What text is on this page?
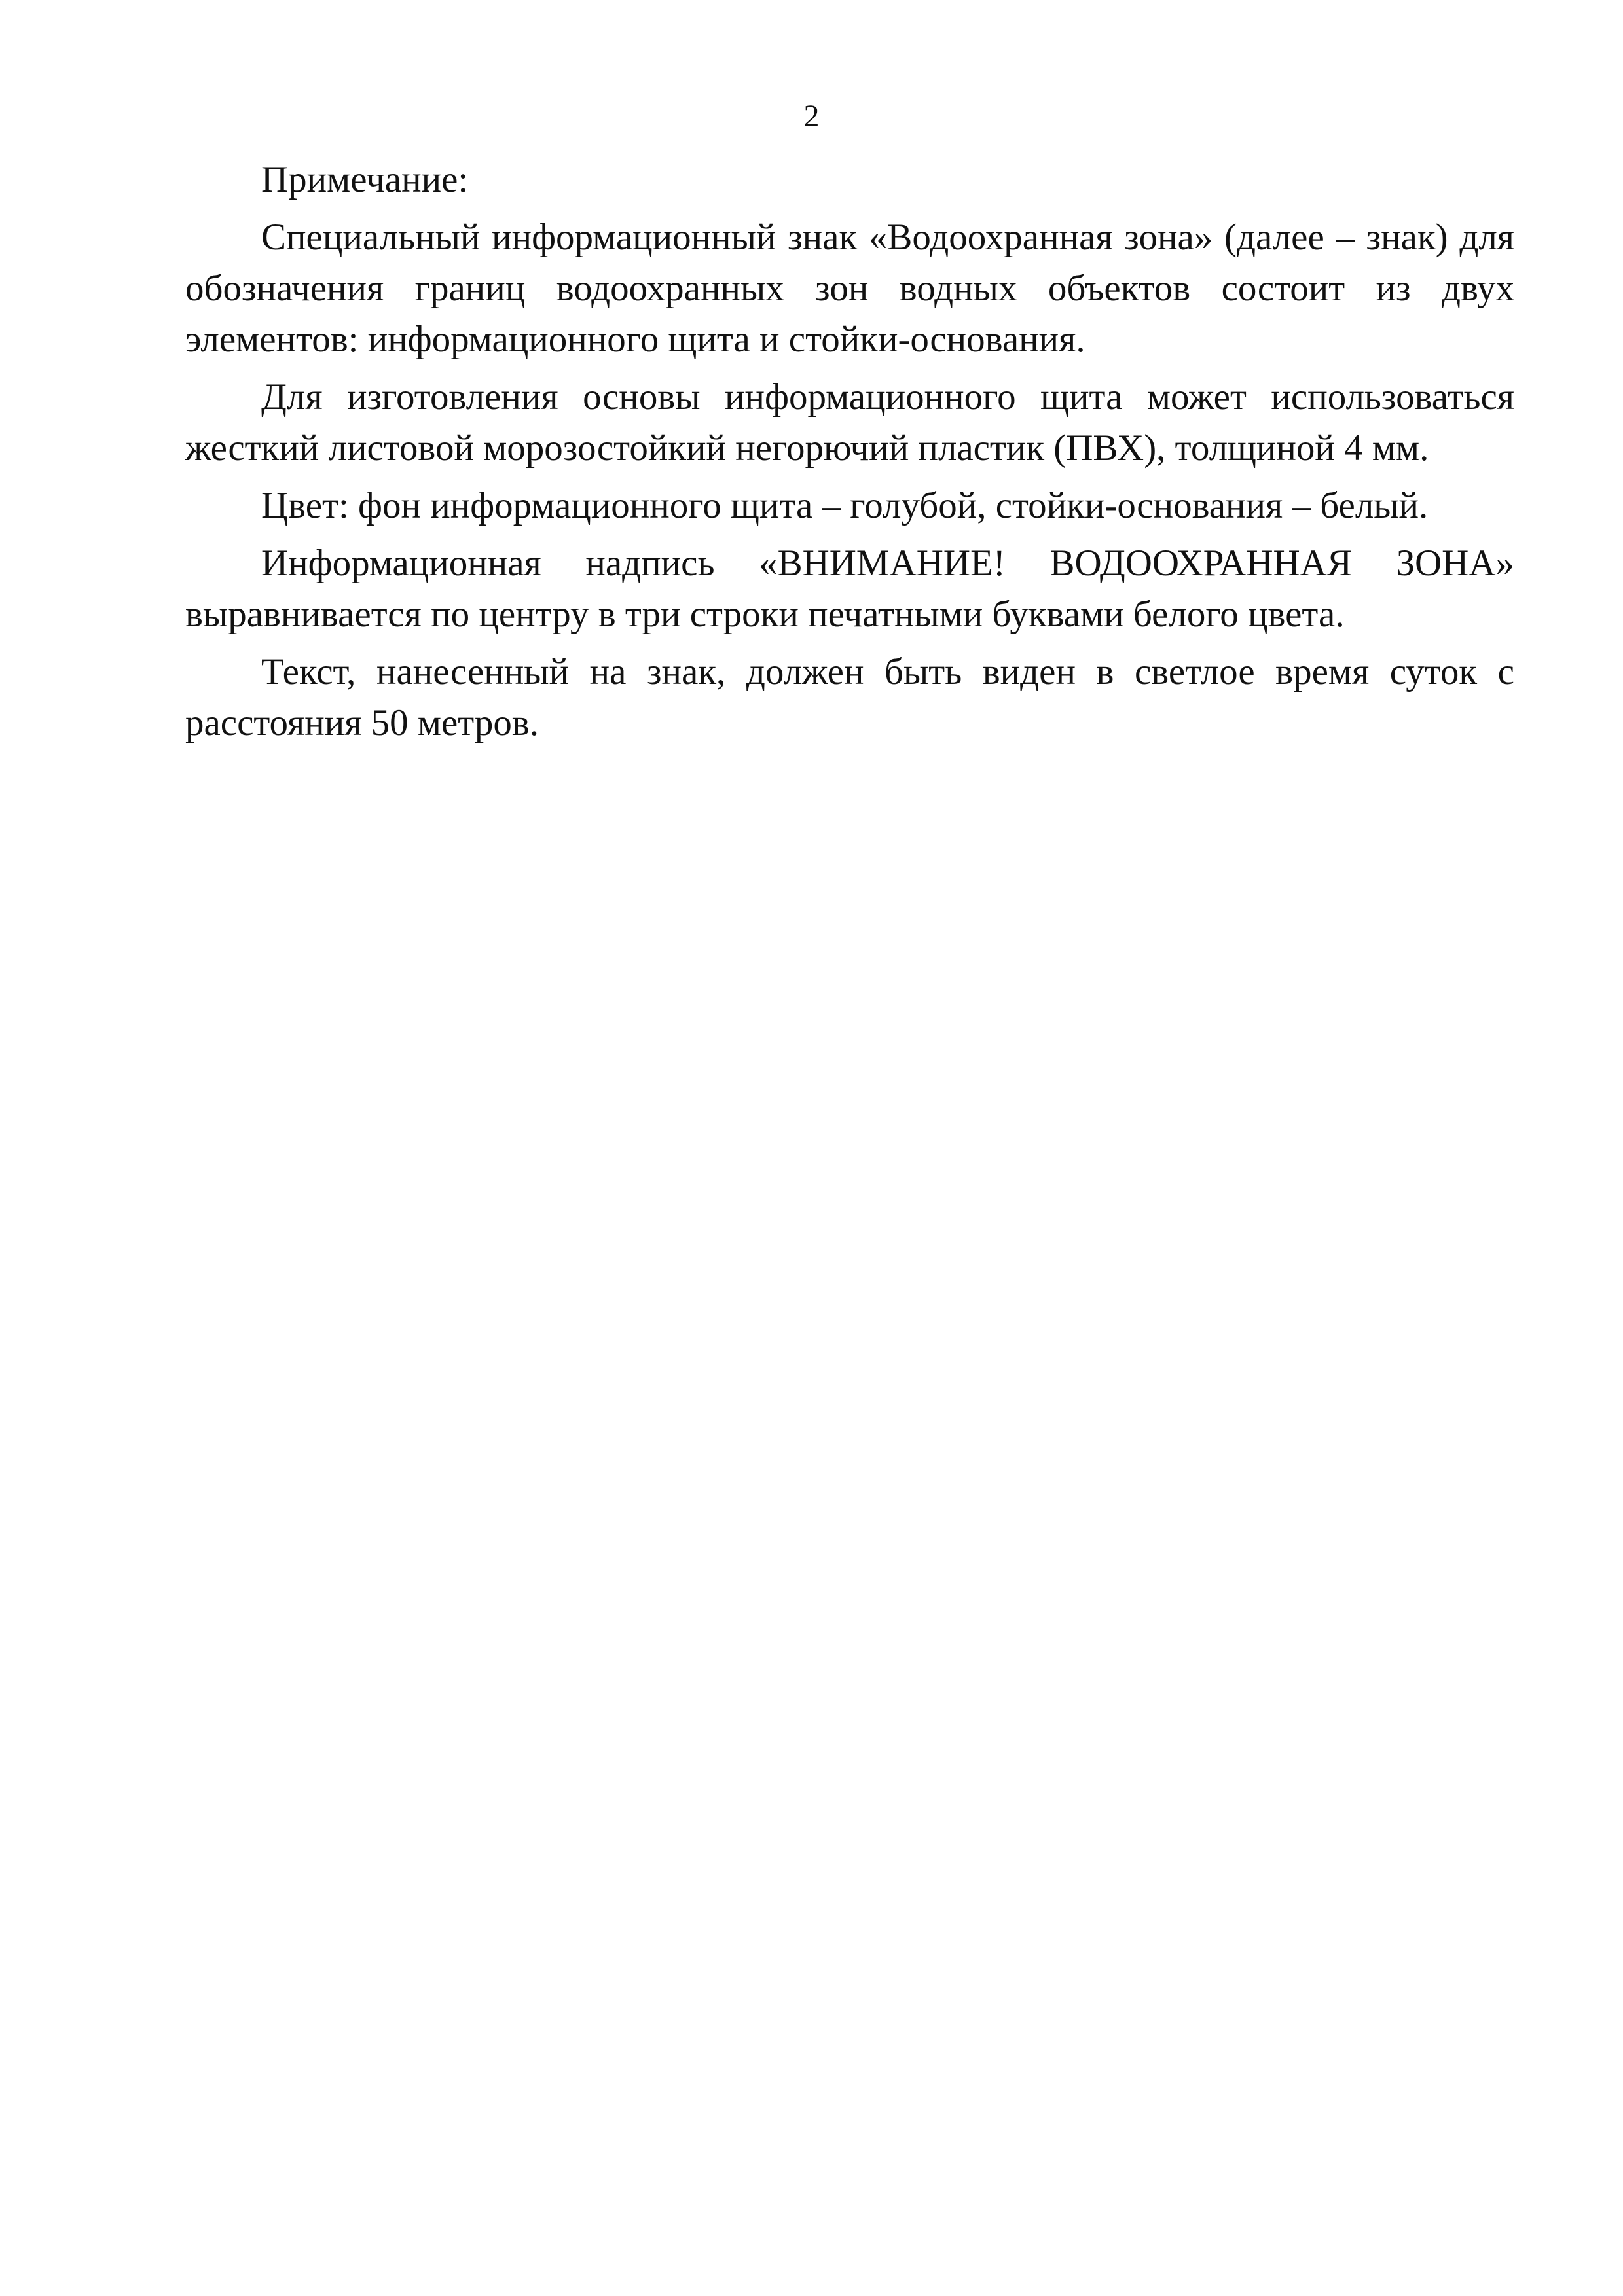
2

Примечание:

Специальный информационный знак «Водоохранная зона» (далее – знак) для обозначения границ водоохранных зон водных объектов состоит из двух элементов: информационного щита и стойки-основания.

Для изготовления основы информационного щита может использоваться жесткий листовой морозостойкий негорючий пластик (ПВХ), толщиной 4 мм.

Цвет: фон информационного щита – голубой, стойки-основания – белый.

Информационная надпись «ВНИМАНИЕ! ВОДООХРАННАЯ ЗОНА» выравнивается по центру в три строки печатными буквами белого цвета.

Текст, нанесенный на знак, должен быть виден в светлое время суток с расстояния 50 метров.
